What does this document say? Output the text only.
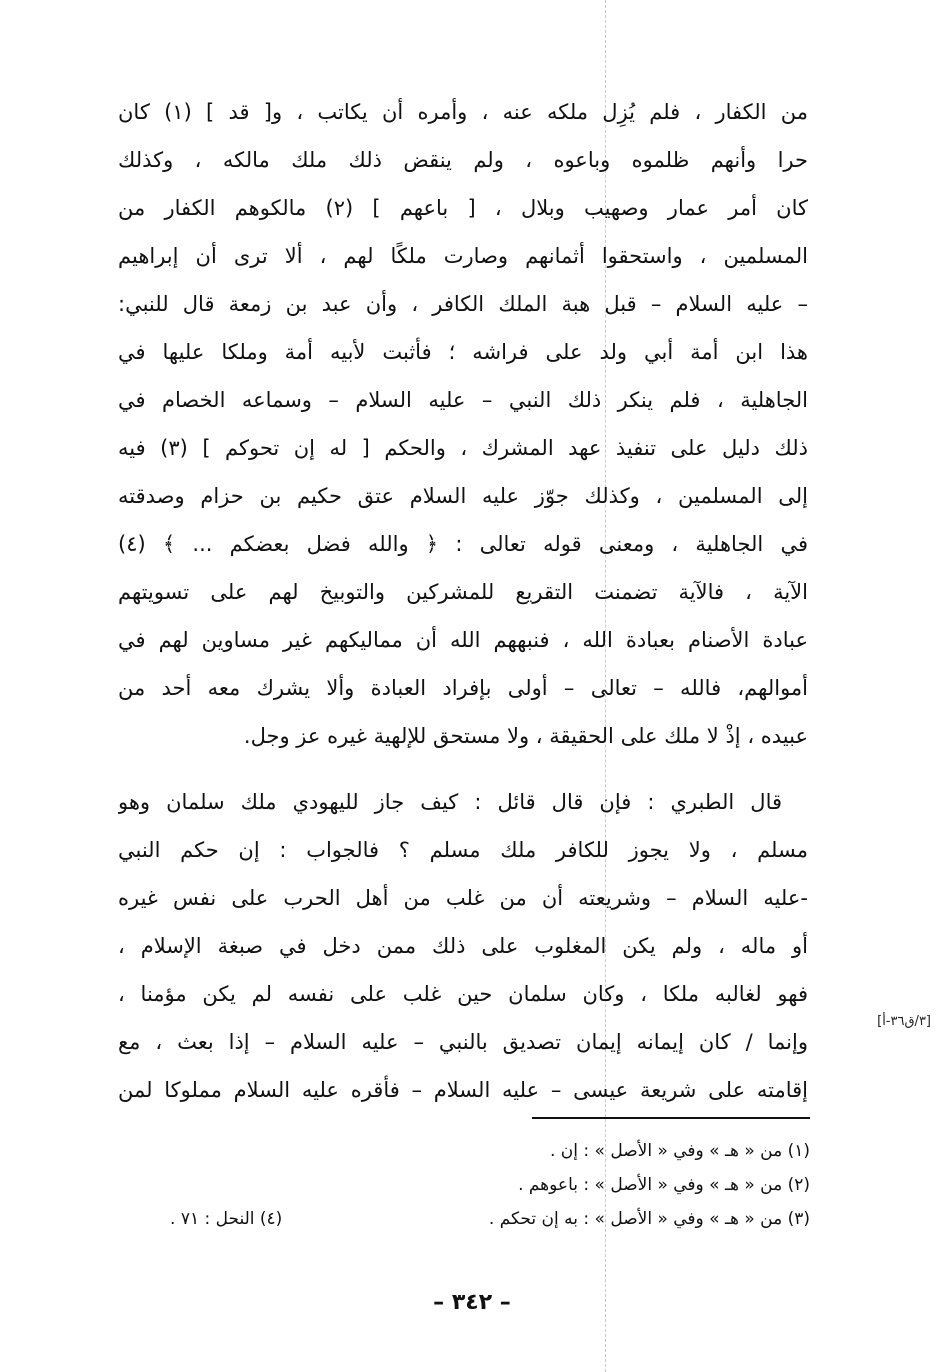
من الكفار ، فلم يُزِل ملكه عنه ، وأمره أن يكاتب ، و[ قد ] (١) كان
حرا وأنهم ظلموه وباعوه ، ولم ينقض ذلك ملك مالكه ، وكذلك
كان أمر عمار وصهيب وبلال ، [ باعهم ] (٢) مالكوهم الكفار من
المسلمين ، واستحقوا أثمانهم وصارت ملكًا لهم ، ألا ترى أن إبراهيم
– عليه السلام – قبل هبة الملك الكافر ، وأن عبد بن زمعة قال للنبي:
هذا ابن أمة أبي ولد على فراشه ؛ فأثبت لأبيه أمة وملكا عليها في
الجاهلية ، فلم ينكر ذلك النبي – عليه السلام – وسماعه الخصام في
ذلك دليل على تنفيذ عهد المشرك ، والحكم [ له إن تحوكم ] (٣) فيه
إلى المسلمين ، وكذلك جوّز عليه السلام عتق حكيم بن حزام وصدقته
في الجاهلية ، ومعنى قوله تعالى : ﴿ والله فضل بعضكم ... ﴾ (٤)
الآية ، فالآية تضمنت التقريع للمشركين والتوبيخ لهم على تسويتهم
عبادة الأصنام بعبادة الله ، فنبههم الله أن مماليكهم غير مساوين لهم في
أموالهم، فالله – تعالى – أولى بإفراد العبادة وألا يشرك معه أحد من
عبيده ، إذْ لا ملك على الحقيقة ، ولا مستحق للإلهية غيره عز وجل.
قال الطبري : فإن قال قائل : كيف جاز لليهودي ملك سلمان وهو
مسلم ، ولا يجوز للكافر ملك مسلم ؟ فالجواب : إن حكم النبي
-عليه السلام – وشريعته أن من غلب من أهل الحرب على نفس غيره
أو ماله ، ولم يكن المغلوب على ذلك ممن دخل في صبغة الإسلام ،
فهو لغالبه ملكا ، وكان سلمان حين غلب على نفسه لم يكن مؤمنا ،
وإنما / كان إيمانه إيمان تصديق بالنبي – عليه السلام – إذا بعث ، مع
إقامته على شريعة عيسى – عليه السلام – فأقره عليه السلام مملوكا لمن
[٣/ق٣٦-أ]
(١) من « هـ » وفي « الأصل » : إن .
(٢) من « هـ » وفي « الأصل » : باعوهم .
(٣) من « هـ » وفي « الأصل » : به إن تحكم .
(٤) النحل : ٧١ .
– ٣٤٢ –
